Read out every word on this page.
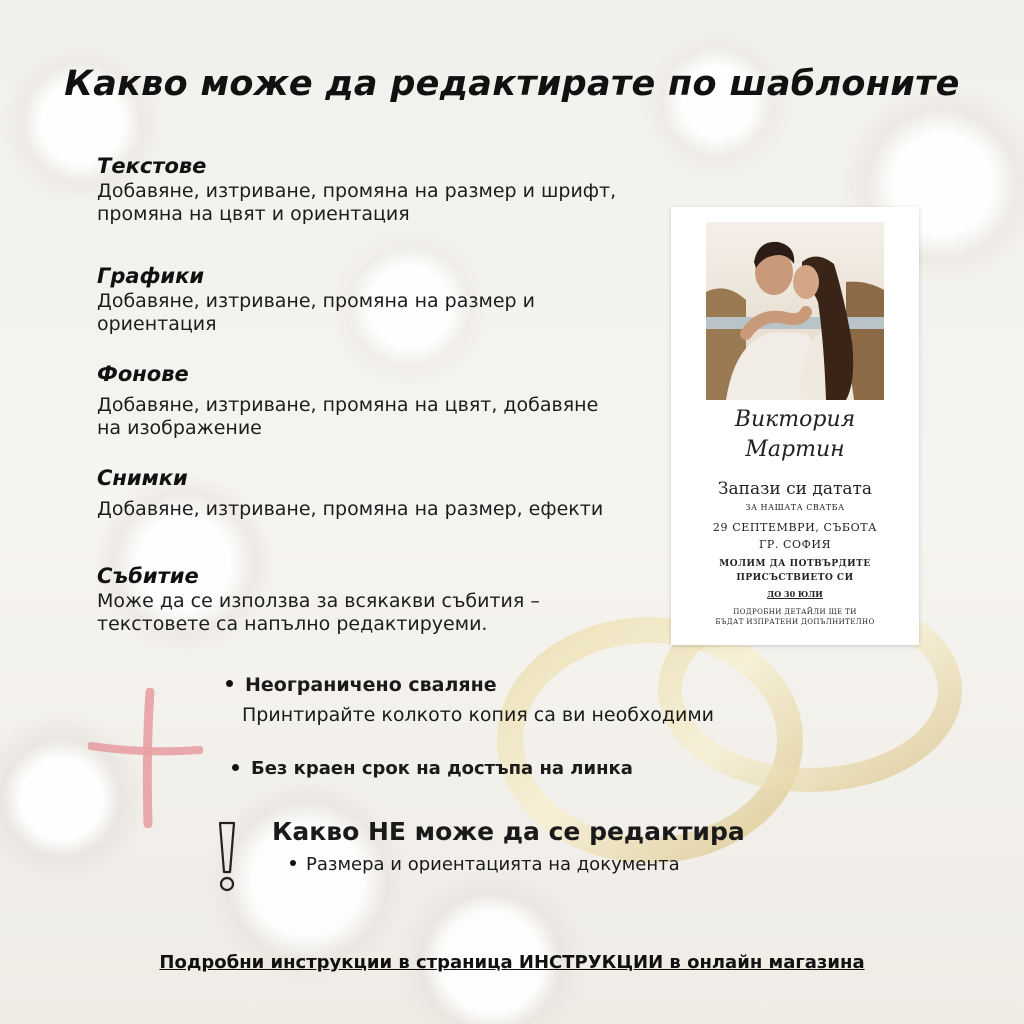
Какво може да редактирате по шаблоните
Текстове

Добавяне, изтриване, промяна на размер и шрифт, промяна на цвят и ориентация

Графики

Добавяне, изтриване, промяна на размер и ориентация

Фонове

Добавяне, изтриване, промяна на цвят, добавяне на изображение

Снимки

Добавяне, изтриване, промяна на размер, ефекти

Събитие

Може да се използва за всякакви събития – текстовете са напълно редактируеми.

Виктория
Мартин
Запази си датата
ЗА НАШАТА СВАТБА
29 СЕПТЕМВРИ, СЪБОТА
ГР. СОФИЯ
МОЛИМ ДА ПОТВЪРДИТЕ
ПРИСЪСТВИЕТО СИ
ДО 30 ЮЛИ
ПОДРОБНИ ДЕТАЙЛИ ЩЕ ТИ
БЪДАТ ИЗПРАТЕНИ ДОПЪЛНИТЕЛНО
Неограничено сваляне
Принтирайте колкото копия са ви необходими
Без краен срок на достъпа на линка
Какво НЕ може да се редактира
Размера и ориентацията на документа
Подробни инструкции в страница ИНСТРУКЦИИ в онлайн магазина
